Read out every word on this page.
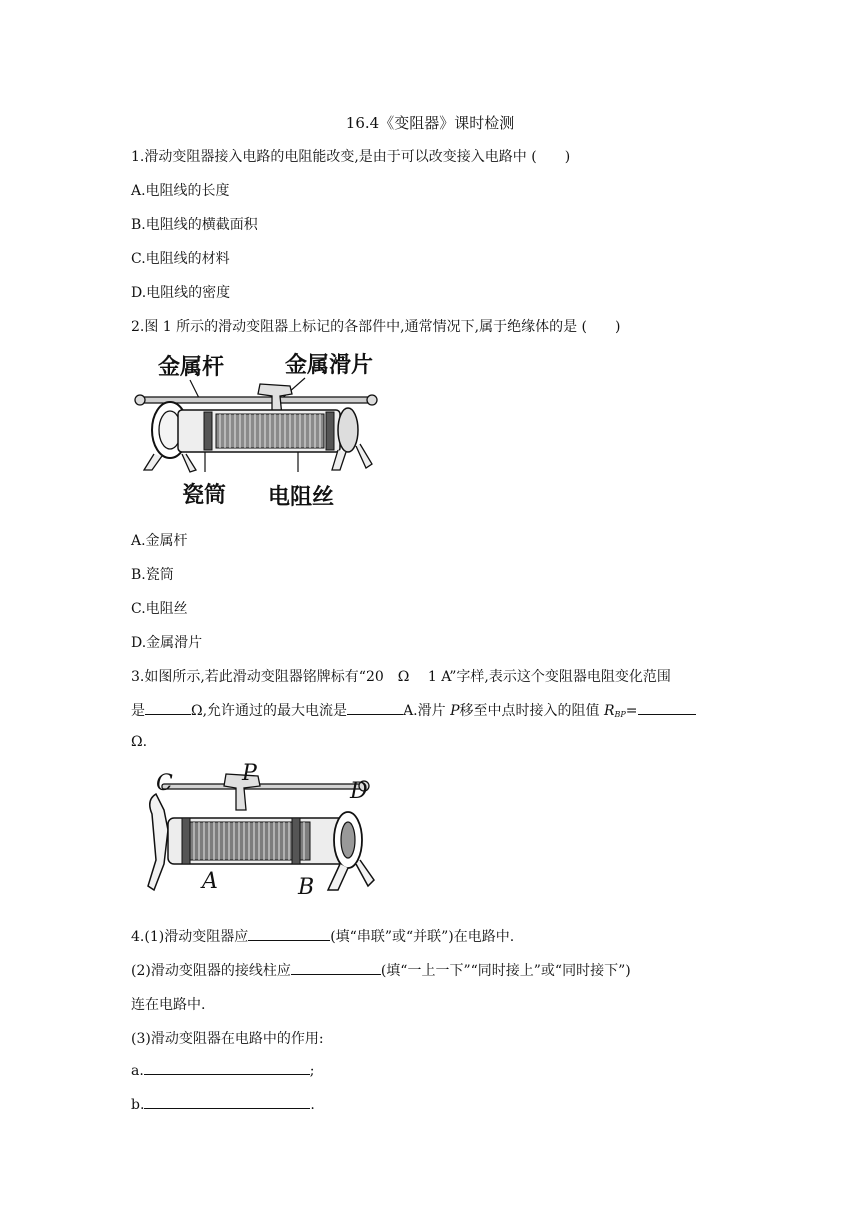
16.4《变阻器》课时检测
1.滑动变阻器接入电路的电阻能改变,是由于可以改变接入电路中 (　　)
A.电阻线的长度
B.电阻线的横截面积
C.电阻线的材料
D.电阻线的密度
2.图 1 所示的滑动变阻器上标记的各部件中,通常情况下,属于绝缘体的是 (　　)
金属杆	金属滑片
瓷筒 电阻丝
A.金属杆
B.瓷筒
C.电阻丝
D.金属滑片
3.如图所示,若此滑动变阻器铭牌标有“20　Ω　 1 A”字样,表示这个变阻器电阻变化范围
是	Ω,允许通过的最大电流是	A.滑片 P移至中点时接入的阻值 $R_{BP}=$
Ω.
C	P
D
A	B
4.(1)滑动变阻器应	(填“串联”或“并联”)在电路中.
(2)滑动变阻器的接线柱应	(填“一上一下”“同时接上”或“同时接下”)
连在电路中.
(3)滑动变阻器在电路中的作用:
a.	;
b.	.
